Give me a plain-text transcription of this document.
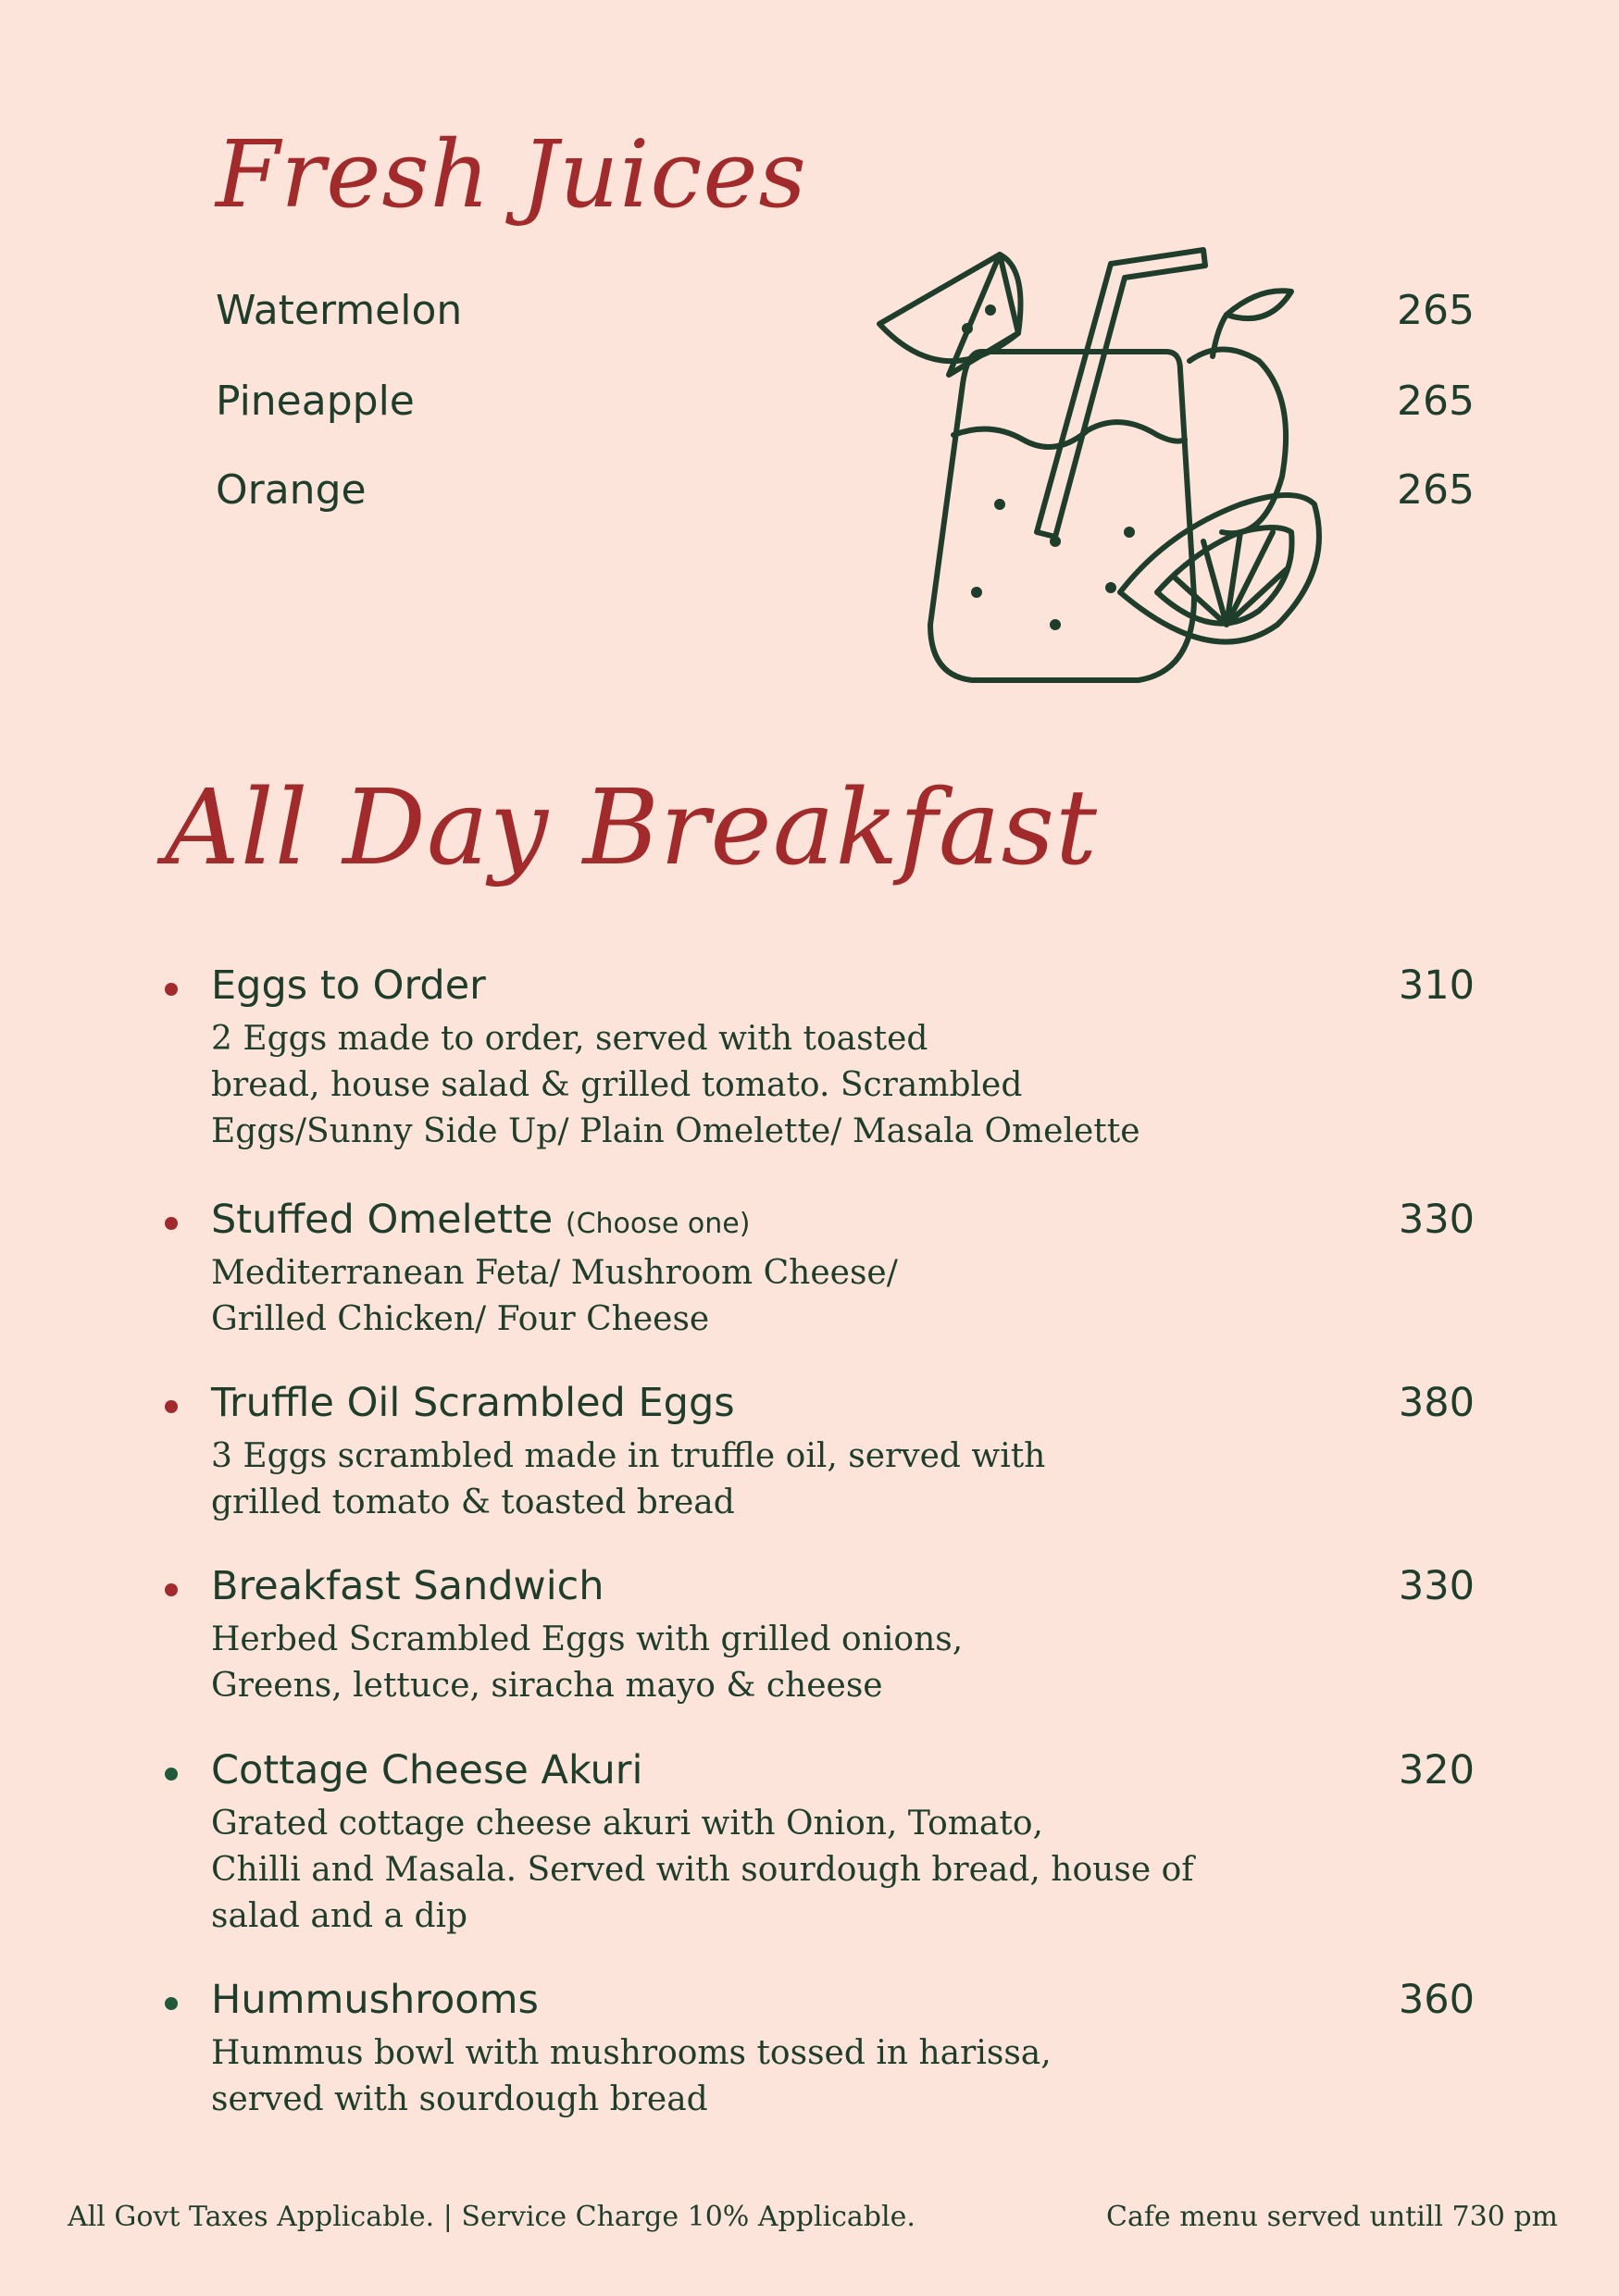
Fresh Juices
Watermelon	265
Pineapple	265
Orange	265
All Day Breakfast
Eggs to Order	310
2 Eggs made to order, served with toasted
bread, house salad & grilled tomato. Scrambled
Eggs/Sunny Side Up/ Plain Omelette/ Masala Omelette
Stuffed Omelette (Choose one)	330
Mediterranean Feta/ Mushroom Cheese/
Grilled Chicken/ Four Cheese
Truffle Oil Scrambled Eggs	380
3 Eggs scrambled made in truffle oil, served with
grilled tomato & toasted bread
Breakfast Sandwich	330
Herbed Scrambled Eggs with grilled onions,
Greens, lettuce, siracha mayo & cheese
Cottage Cheese Akuri	320
Grated cottage cheese akuri with Onion, Tomato,
Chilli and Masala. Served with sourdough bread, house of
salad and a dip
Hummushrooms	360
Hummus bowl with mushrooms tossed in harissa,
served with sourdough bread
All Govt Taxes Applicable. | Service Charge 10% Applicable.	Cafe menu served untill 730 pm
